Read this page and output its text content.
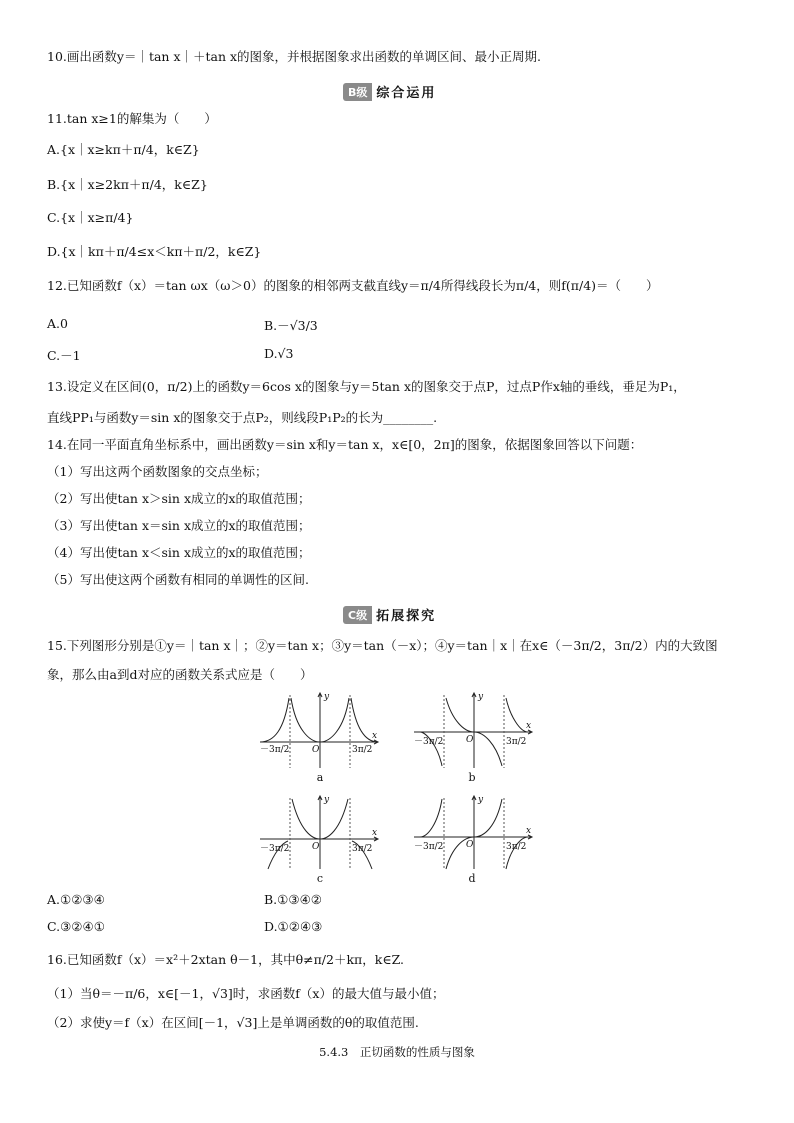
10.画出函数y＝｜tan x｜＋tan x的图象，并根据图象求出函数的单调区间、最小正周期.
B级 综合运用
11.tan x≥1的解集为（　　）
A.{x｜x≥kπ＋π/4，k∈Z}
B.{x｜x≥2kπ＋π/4，k∈Z}
C.{x｜x≥π/4}
D.{x｜kπ＋π/4≤x＜kπ＋π/2，k∈Z}
12.已知函数f（x）＝tan ωx（ω＞0）的图象的相邻两支截直线y＝π/4所得线段长为π/4，则f(π/4)＝（　　）
A.0	B.－√3/3
C.－1	D.√3
13.设定义在区间(0，π/2)上的函数y＝6cos x的图象与y＝5tan x的图象交于点P，过点P作x轴的垂线，垂足为P₁，
直线PP₁与函数y＝sin x的图象交于点P₂，则线段P₁P₂的长为________.
14.在同一平面直角坐标系中，画出函数y＝sin x和y＝tan x，x∈[0，2π]的图象，依据图象回答以下问题：
（1）写出这两个函数图象的交点坐标；
（2）写出使tan x＞sin x成立的x的取值范围；
（3）写出使tan x＝sin x成立的x的取值范围；
（4）写出使tan x＜sin x成立的x的取值范围；
（5）写出使这两个函数有相同的单调性的区间.
C级 拓展探究
15.下列图形分别是①y＝｜tan x｜；②y＝tan x；③y＝tan（－x）；④y＝tan｜x｜在x∈（－3π/2，3π/2）内的大致图
象，那么由a到d对应的函数关系式应是（　　）
O
x
y
－3π/2	3π/2
a
O
x
y
－3π/2	3π/2
b
O
x
y
－3π/2	3π/2
c
O
x
y
－3π/2	3π/2
d
A.①②③④	B.①③④②
C.③②④①	D.①②④③
16.已知函数f（x）＝x²＋2xtan θ－1，其中θ≠π/2＋kπ，k∈Z.
（1）当θ＝－π/6，x∈[－1，√3]时，求函数f（x）的最大值与最小值；
（2）求使y＝f（x）在区间[－1，√3]上是单调函数的θ的取值范围.
5.4.3　正切函数的性质与图象
